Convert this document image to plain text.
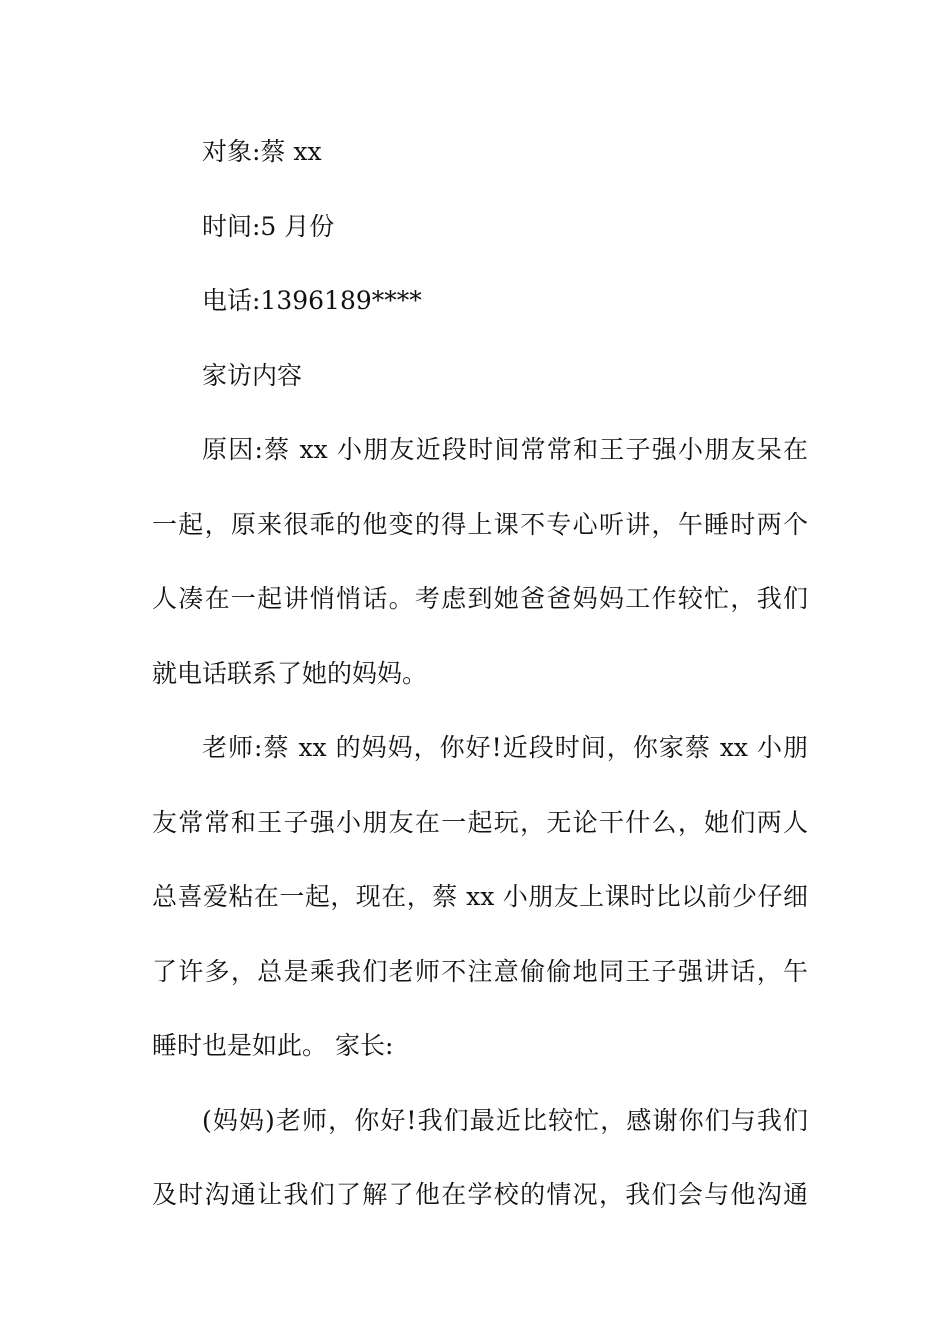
对象:蔡 xx

时间:5 月份

电话:1396189****

家访内容

原因:蔡 xx 小朋友近段时间常常和王子强小朋友呆在
一起，原来很乖的他变的得上课不专心听讲，午睡时两个
人凑在一起讲悄悄话。考虑到她爸爸妈妈工作较忙，我们
就电话联系了她的妈妈。

老师:蔡 xx 的妈妈，你好!近段时间，你家蔡 xx 小朋
友常常和王子强小朋友在一起玩，无论干什么，她们两人
总喜爱粘在一起，现在，蔡 xx 小朋友上课时比以前少仔细
了许多，总是乘我们老师不注意偷偷地同王子强讲话，午
睡时也是如此。 家长:

(妈妈)老师，你好!我们最近比较忙，感谢你们与我们
及时沟通让我们了解了他在学校的情况，我们会与他沟通
